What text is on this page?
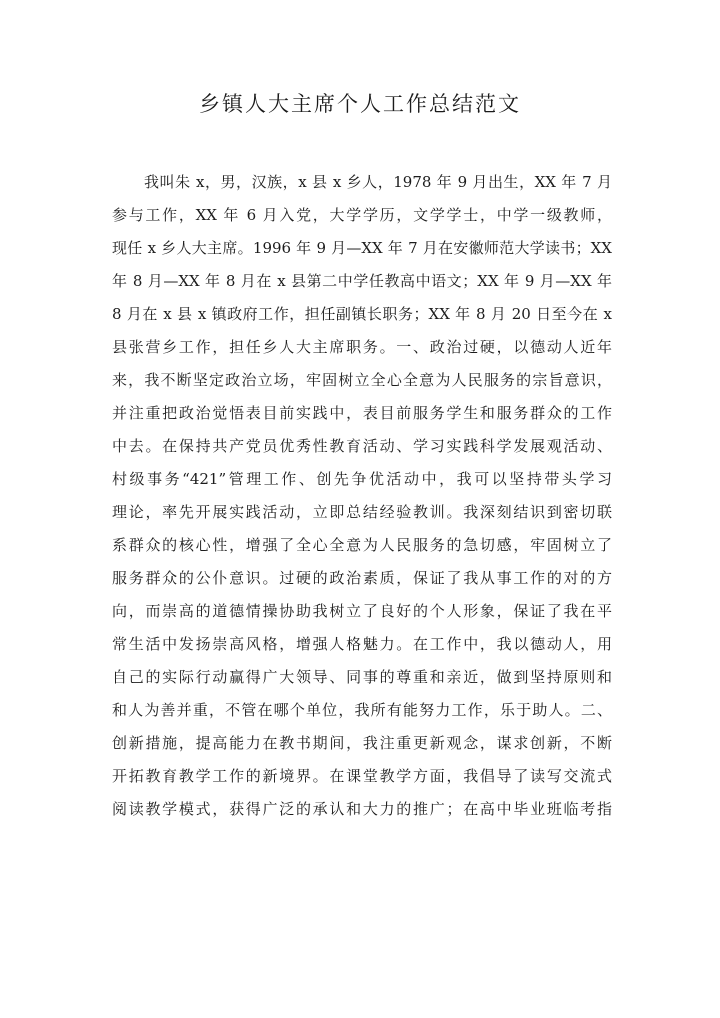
乡镇人大主席个人工作总结范文
我叫朱 x，男，汉族，x 县 x 乡人，1978 年 9 月出生，XX 年 7 月
参与工作，XX 年 6 月入党，大学学历，文学学士，中学一级教师，
现任 x 乡人大主席。1996 年 9 月—XX 年 7 月在安徽师范大学读书；XX
年 8 月—XX 年 8 月在 x 县第二中学任教高中语文；XX 年 9 月—XX 年
8 月在 x 县 x 镇政府工作，担任副镇长职务；XX 年 8 月 20 日至今在 x
县张营乡工作，担任乡人大主席职务。一、政治过硬，以德动人近年
来，我不断坚定政治立场，牢固树立全心全意为人民服务的宗旨意识，
并注重把政治觉悟表目前实践中，表目前服务学生和服务群众的工作
中去。在保持共产党员优秀性教育活动、学习实践科学发展观活动、
村级事务“421”管理工作、创先争优活动中，我可以坚持带头学习
理论，率先开展实践活动，立即总结经验教训。我深刻结识到密切联
系群众的核心性，增强了全心全意为人民服务的急切感，牢固树立了
服务群众的公仆意识。过硬的政治素质，保证了我从事工作的对的方
向，而崇高的道德情操协助我树立了良好的个人形象，保证了我在平
常生活中发扬崇高风格，增强人格魅力。在工作中，我以德动人，用
自己的实际行动赢得广大领导、同事的尊重和亲近，做到坚持原则和
和人为善并重，不管在哪个单位，我所有能努力工作，乐于助人。二、
创新措施，提高能力在教书期间，我注重更新观念，谋求创新，不断
开拓教育教学工作的新境界。在课堂教学方面，我倡导了读写交流式
阅读教学模式，获得广泛的承认和大力的推广；在高中毕业班临考指
